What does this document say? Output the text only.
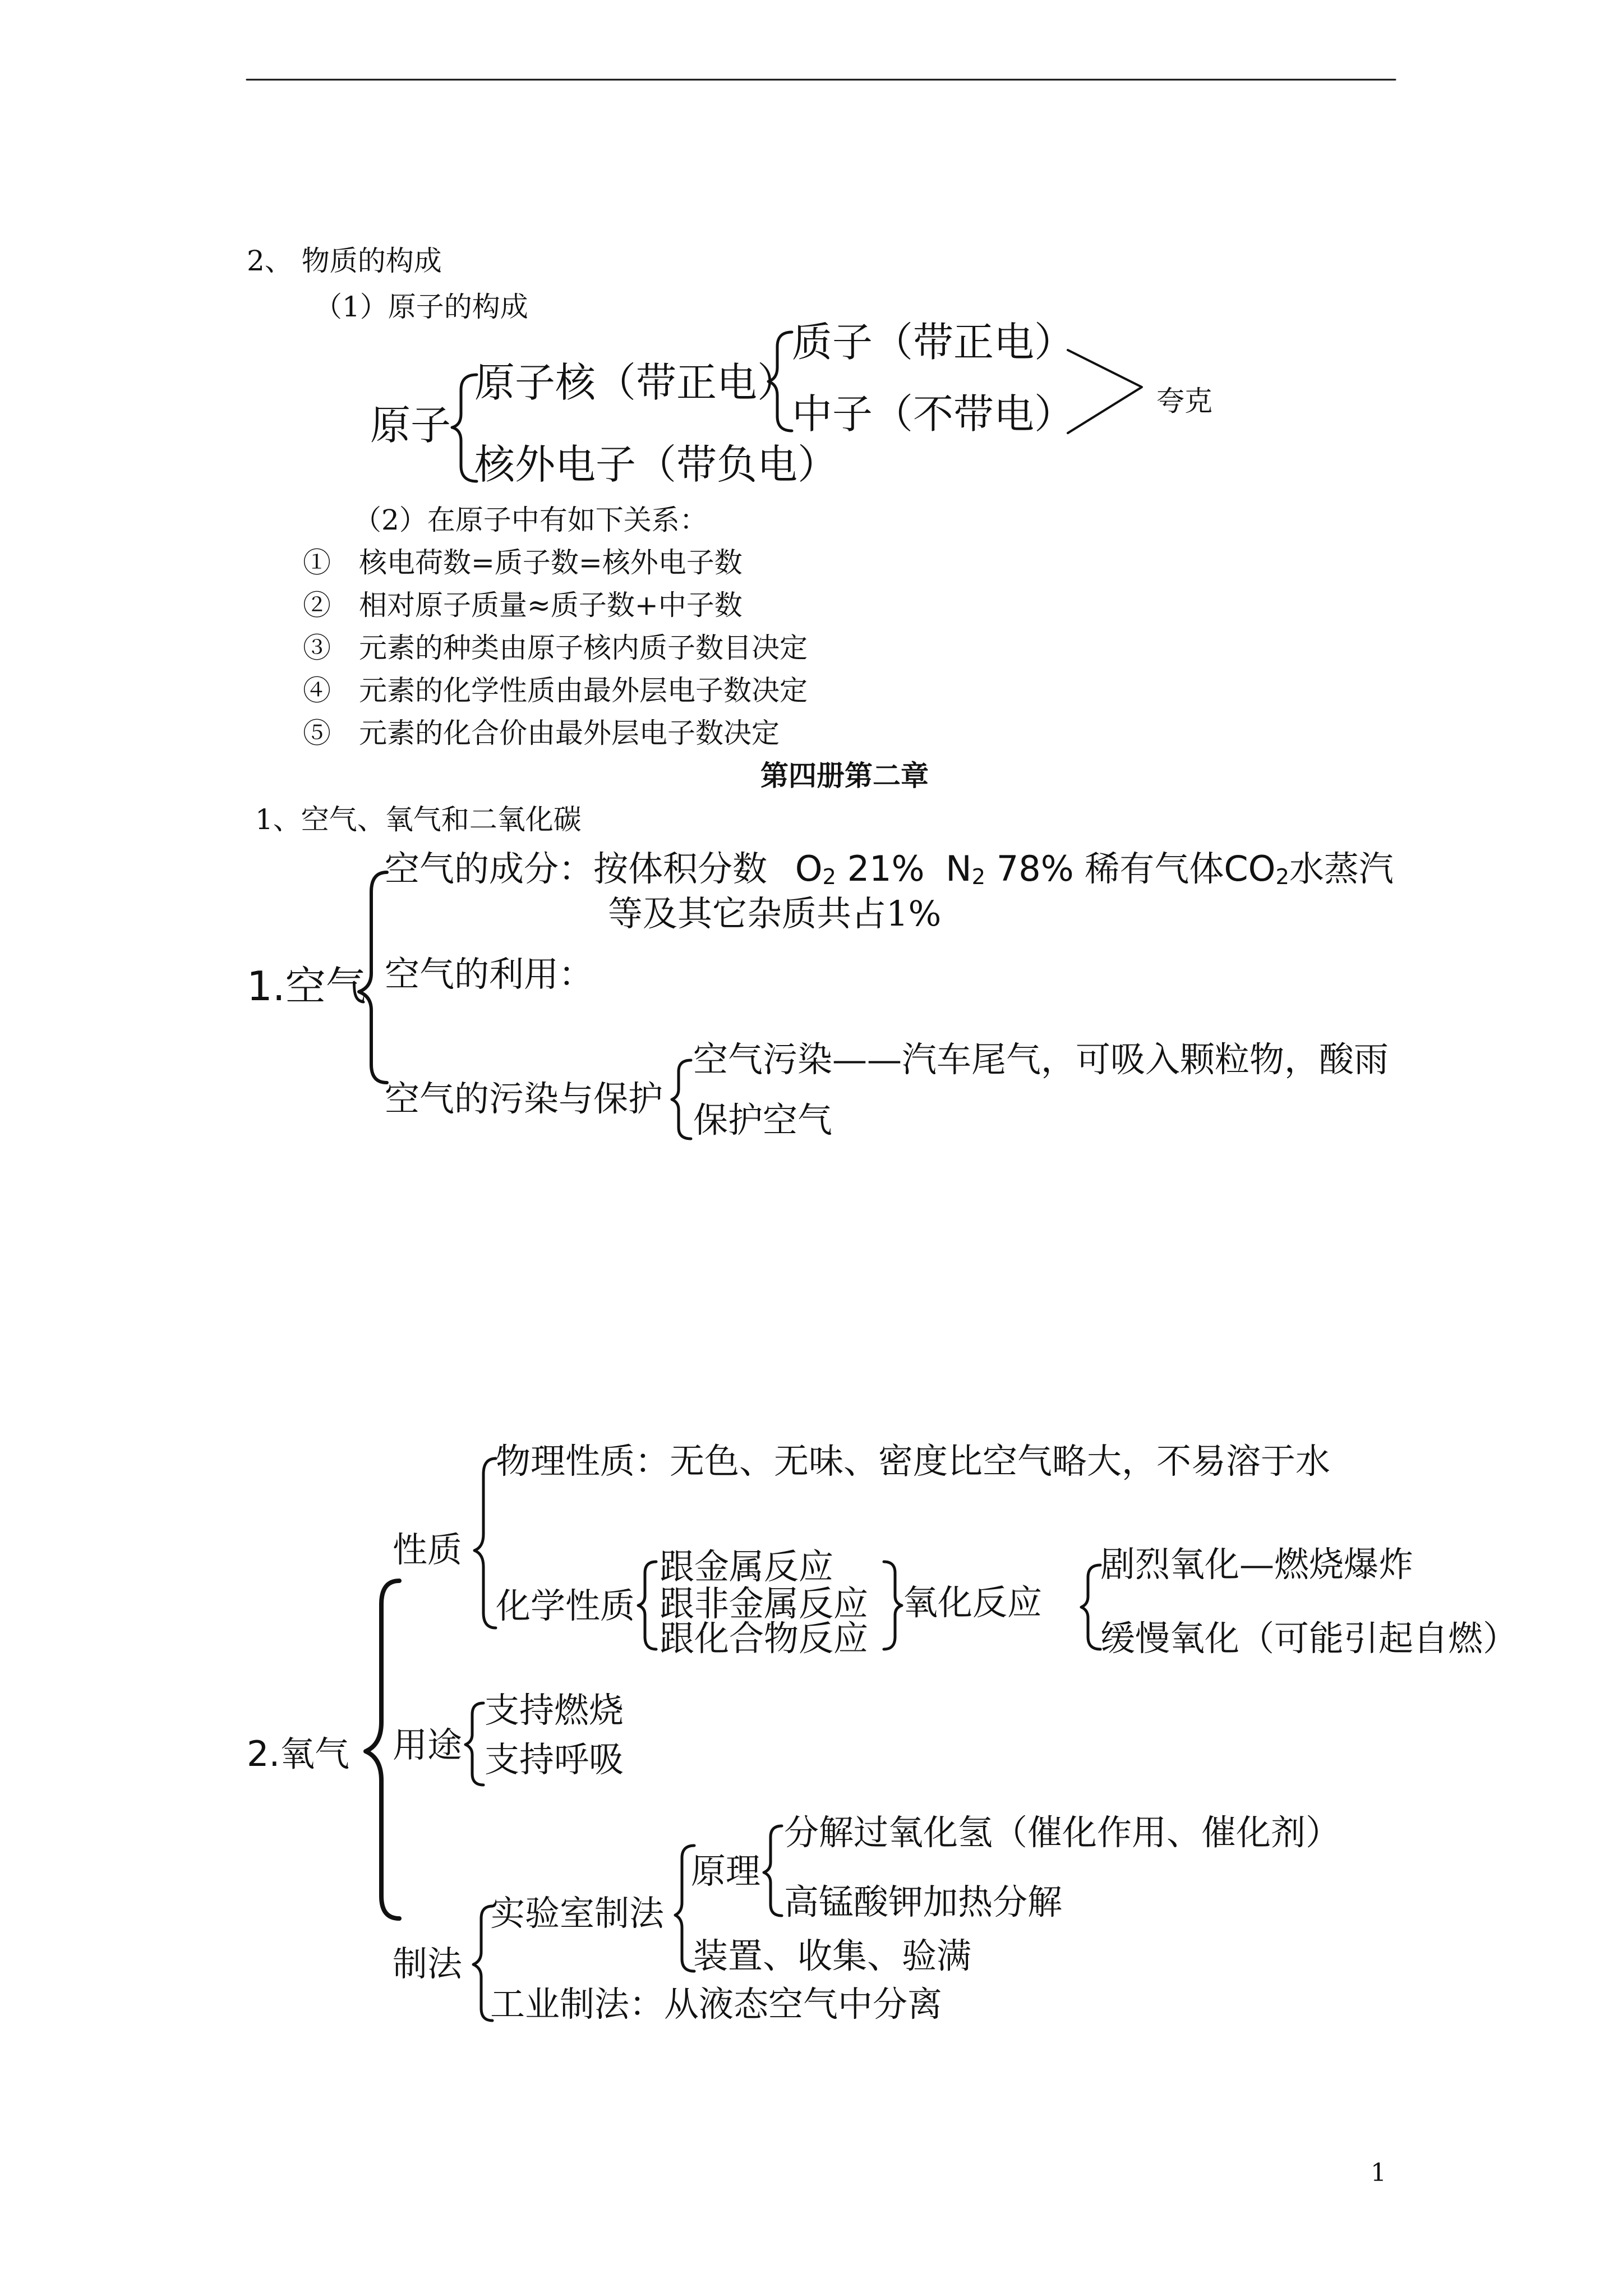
2、 物质的构成
（1）原子的构成
原子
原子核（带正电）
质子（带正电）
中子（不带电）	夸克
核外电子（带负电）
（2）在原子中有如下关系：
①　核电荷数=质子数=核外电子数
②　相对原子质量≈质子数+中子数
③　元素的种类由原子核内质子数目决定
④　元素的化学性质由最外层电子数决定
⑤　元素的化合价由最外层电子数决定
第四册第二章
1、空气、氧气和二氧化碳
1.空气
空气的成分：按体积分数 $O_2$ 21% $N_2$ 78% 稀有气体$CO_2$水蒸汽
等及其它杂质共占1%
空气的利用：
空气的污染与保护
空气污染——汽车尾气，可吸入颗粒物，酸雨
保护空气
2.氧气
性质
物理性质：无色、无味、密度比空气略大，不易溶于水
化学性质
跟金属反应
跟非金属反应
跟化合物反应
氧化反应
剧烈氧化—燃烧爆炸
缓慢氧化（可能引起自燃）
用途
支持燃烧
支持呼吸
制法
实验室制法
原理
分解过氧化氢（催化作用、催化剂）
高锰酸钾加热分解
装置、收集、验满
工业制法：从液态空气中分离
1
